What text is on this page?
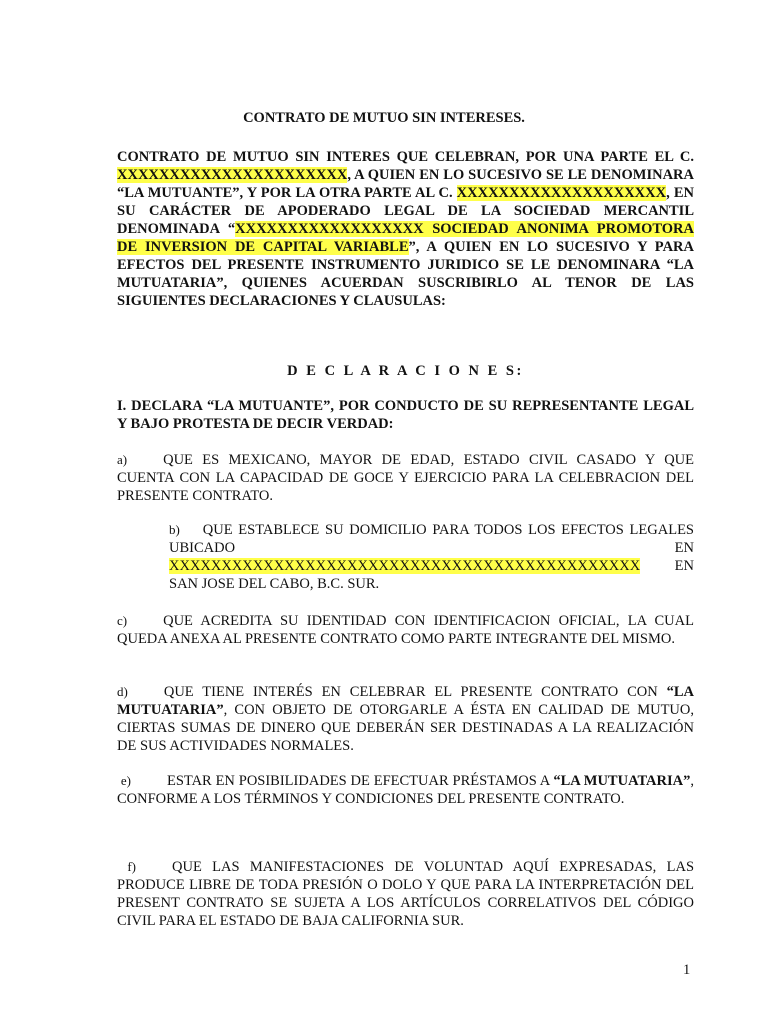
CONTRATO DE MUTUO SIN INTERESES.
CONTRATO DE MUTUO SIN INTERES QUE CELEBRAN, POR UNA PARTE EL C. XXXXXXXXXXXXXXXXXXXXXX, A QUIEN EN LO SUCESIVO SE LE DENOMINARA “LA MUTUANTE”, Y POR LA OTRA PARTE AL C. XXXXXXXXXXXXXXXXXXXX, EN SU CARÁCTER DE APODERADO LEGAL DE LA SOCIEDAD MERCANTIL DENOMINADA “XXXXXXXXXXXXXXXXXX SOCIEDAD ANONIMA PROMOTORA DE INVERSION DE CAPITAL VARIABLE”, A QUIEN EN LO SUCESIVO Y PARA EFECTOS DEL PRESENTE INSTRUMENTO JURIDICO SE LE DENOMINARA “LA MUTUATARIA”, QUIENES ACUERDAN SUSCRIBIRLO AL TENOR DE LAS SIGUIENTES DECLARACIONES Y CLAUSULAS:
D E C L A R A C I O N E S:
I. DECLARA “LA MUTUANTE”, POR CONDUCTO DE SU REPRESENTANTE LEGAL Y BAJO PROTESTA DE DECIR VERDAD:
a) QUE ES MEXICANO, MAYOR DE EDAD, ESTADO CIVIL CASADO Y QUE CUENTA CON LA CAPACIDAD DE GOCE Y EJERCICIO PARA LA CELEBRACION DEL PRESENTE CONTRATO.
b) QUE ESTABLECE SU DOMICILIO PARA TODOS LOS EFECTOS LEGALES UBICADO EN XXXXXXXXXXXXXXXXXXXXXXXXXXXXXXXXXXXXXXXXXXXXX EN SAN JOSE DEL CABO, B.C. SUR.
c) QUE ACREDITA SU IDENTIDAD CON IDENTIFICACION OFICIAL, LA CUAL QUEDA ANEXA AL PRESENTE CONTRATO COMO PARTE INTEGRANTE DEL MISMO.
d) QUE TIENE INTERÉS EN CELEBRAR EL PRESENTE CONTRATO CON “LA MUTUATARIA”, CON OBJETO DE OTORGARLE A ÉSTA EN CALIDAD DE MUTUO, CIERTAS SUMAS DE DINERO QUE DEBERÁN SER DESTINADAS A LA REALIZACIÓN DE SUS ACTIVIDADES NORMALES.
e) ESTAR EN POSIBILIDADES DE EFECTUAR PRÉSTAMOS A “LA MUTUATARIA”, CONFORME A LOS TÉRMINOS Y CONDICIONES DEL PRESENTE CONTRATO.
f) QUE LAS MANIFESTACIONES DE VOLUNTAD AQUÍ EXPRESADAS, LAS PRODUCE LIBRE DE TODA PRESIÓN O DOLO Y QUE PARA LA INTERPRETACIÓN DEL PRESENT CONTRATO SE SUJETA A LOS ARTÍCULOS CORRELATIVOS DEL CÓDIGO CIVIL PARA EL ESTADO DE BAJA CALIFORNIA SUR.
1
